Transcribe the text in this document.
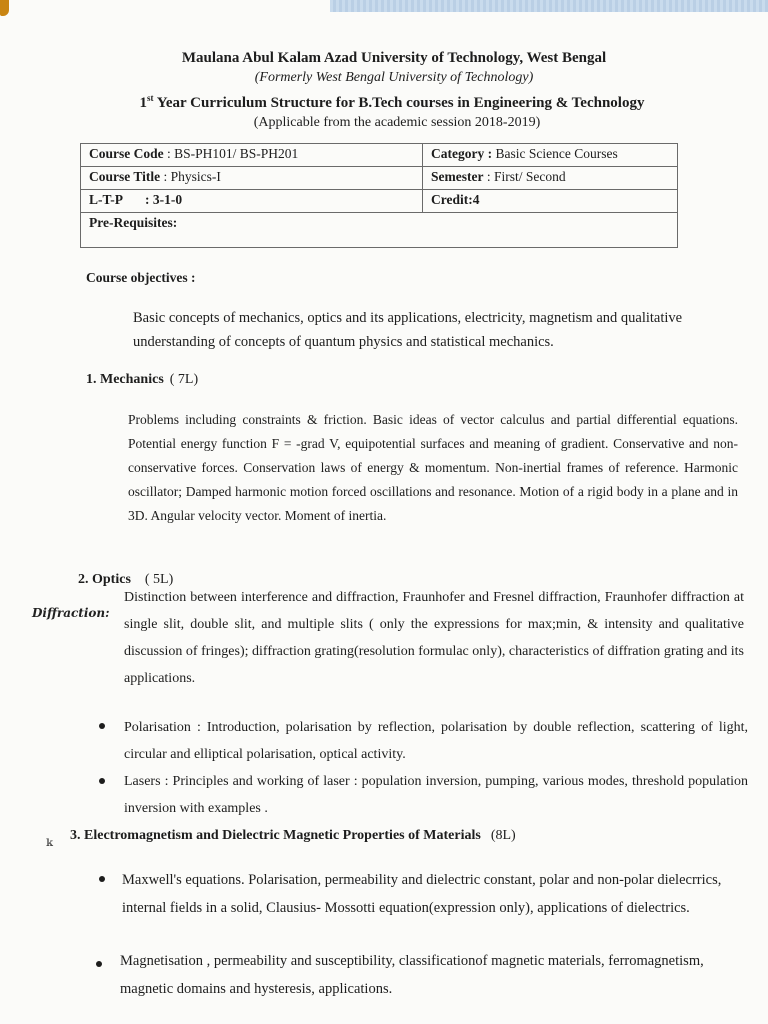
Maulana Abul Kalam Azad University of Technology, West Bengal
(Formerly West Bengal University of Technology)
1st Year Curriculum Structure for B.Tech courses in Engineering & Technology
(Applicable from the academic session 2018-2019)
Course Code : BS-PH101/ BS-PH201	Category : Basic Science Courses
Course Title : Physics-I	Semester : First/ Second
L-T-P : 3-1-0	Credit:4
Pre-Requisites:	
Course objectives :
Basic concepts of mechanics, optics and its applications, electricity, magnetism and qualitative understanding of concepts of quantum physics and statistical mechanics.
1. Mechanics ( 7L)
Problems including constraints & friction. Basic ideas of vector calculus and partial differential equations. Potential energy function F = -grad V, equipotential surfaces and meaning of gradient. Conservative and non-conservative forces. Conservation laws of energy & momentum. Non-inertial frames of reference. Harmonic oscillator; Damped harmonic motion forced oscillations and resonance. Motion of a rigid body in a plane and in 3D. Angular velocity vector. Moment of inertia.
2. Optics ( 5L)
Diffraction:
Distinction between interference and diffraction, Fraunhofer and Fresnel diffraction, Fraunhofer diffraction at single slit, double slit, and multiple slits ( only the expressions for max;min, & intensity and qualitative discussion of fringes); diffraction grating(resolution formulac only), characteristics of diffration grating and its applications.
Polarisation : Introduction, polarisation by reflection, polarisation by double reflection, scattering of light, circular and elliptical polarisation, optical activity.
Lasers : Principles and working of laser : population inversion, pumping, various modes, threshold population inversion with examples .
𝕜
3. Electromagnetism and Dielectric Magnetic Properties of Materials (8L)
Maxwell's equations. Polarisation, permeability and dielectric constant, polar and non-polar dielecrrics, internal fields in a solid, Clausius- Mossotti equation(expression only), applications of dielectrics.
Magnetisation , permeability and susceptibility, classificationof magnetic materials, ferromagnetism, magnetic domains and hysteresis, applications.
